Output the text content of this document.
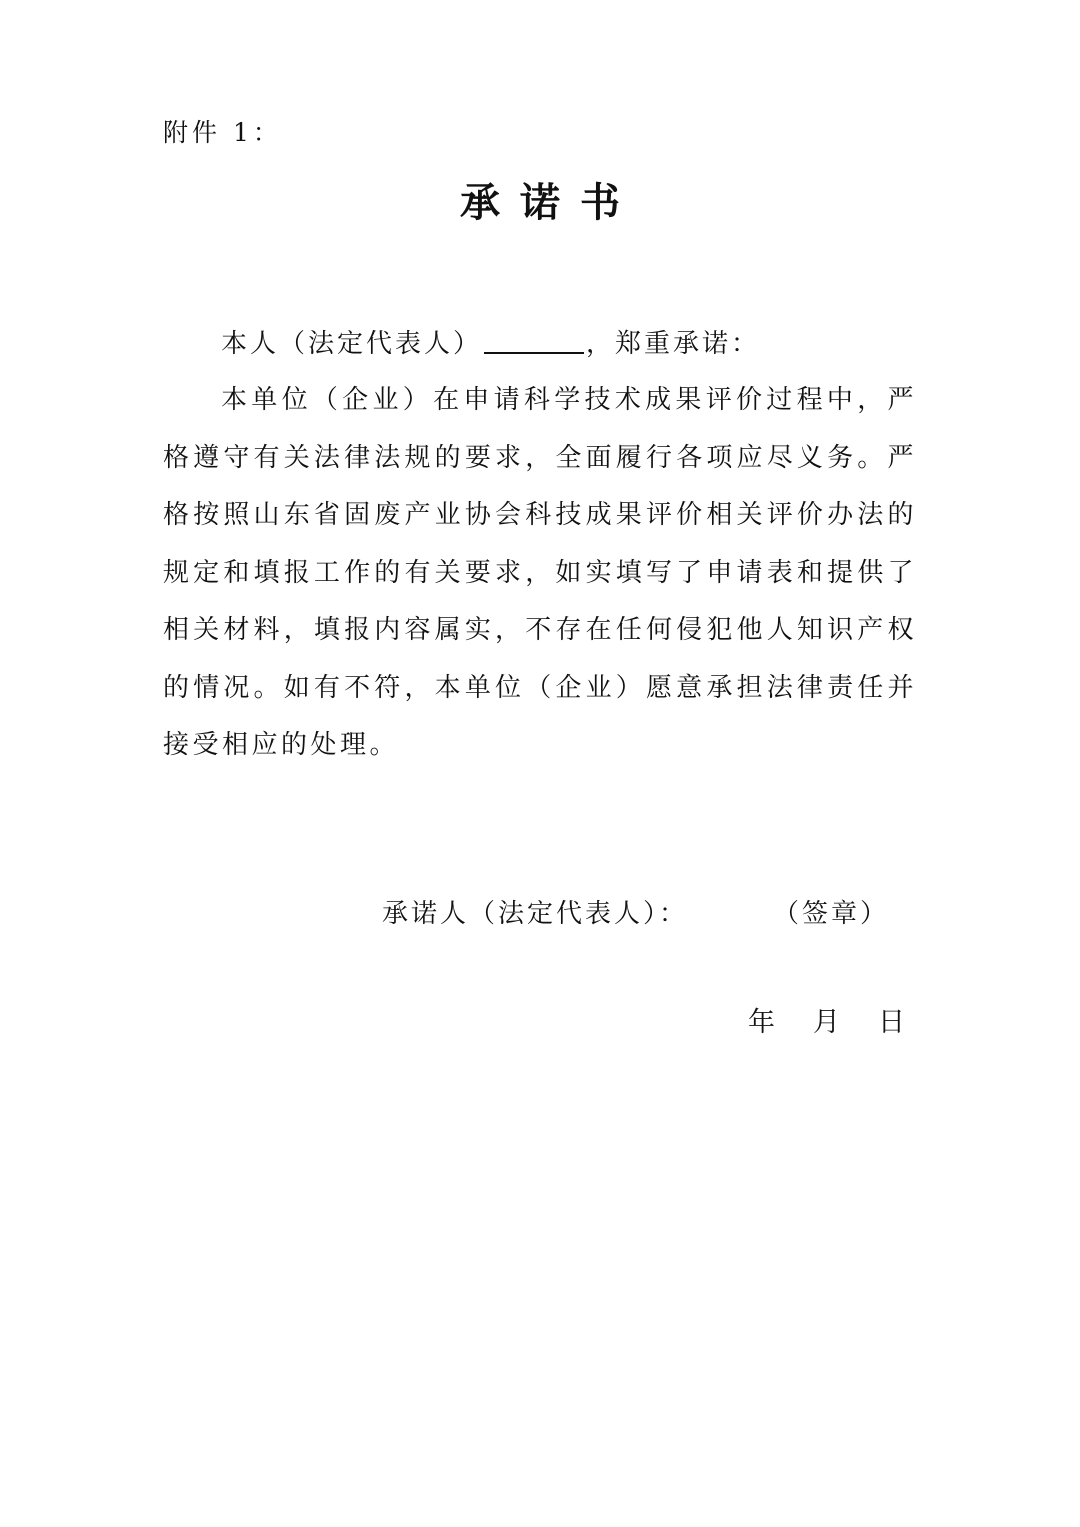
附件 1：
承诺书
本人（法定代表人）	，郑重承诺：
本单位（企业）在申请科学技术成果评价过程中，严格遵守有关法律法规的要求，全面履行各项应尽义务。严格按照山东省固废产业协会科技成果评价相关评价办法的规定和填报工作的有关要求，如实填写了申请表和提供了相关材料，填报内容属实，不存在任何侵犯他人知识产权的情况。如有不符，本单位（企业）愿意承担法律责任并接受相应的处理。
承诺人（法定代表人）：	（签章）
年 月 日
